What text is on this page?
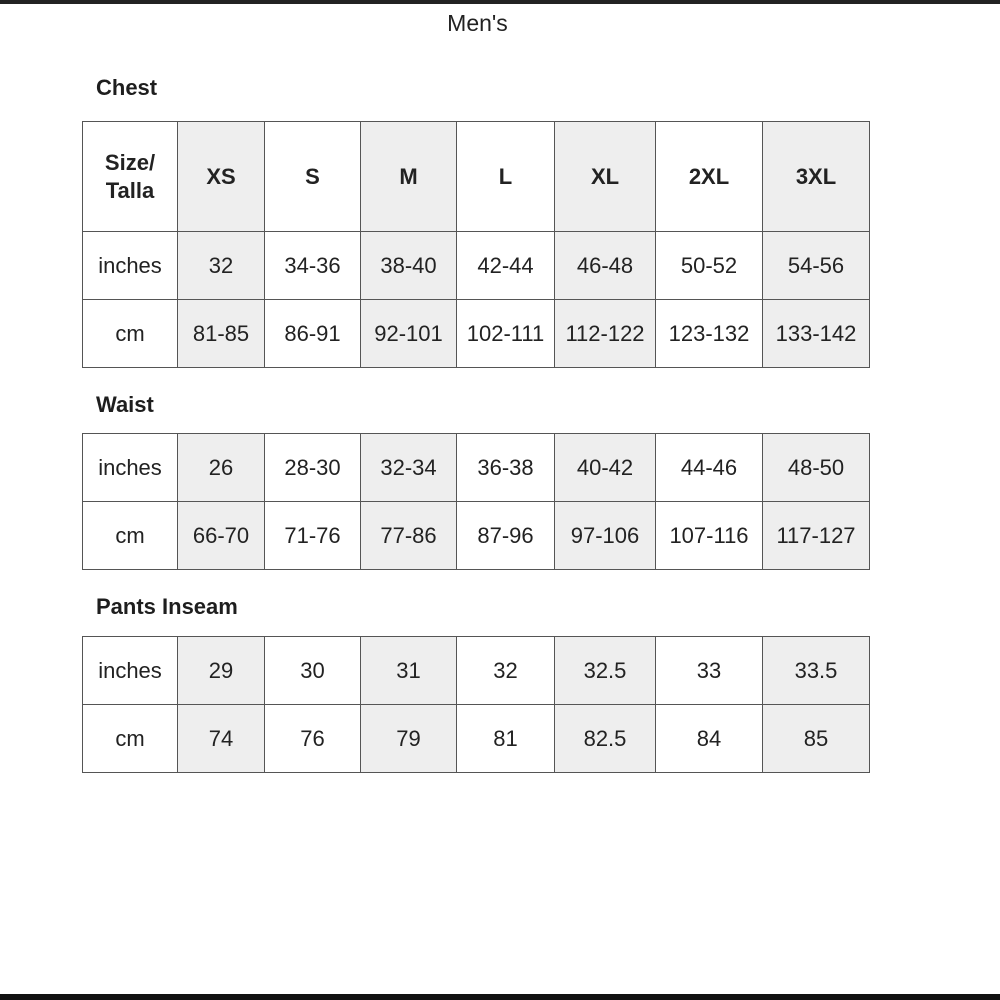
Men's
Chest
Size/
Talla	XS	S	M	L	XL	2XL	3XL
inches	32	34-36	38-40	42-44	46-48	50-52	54-56
cm	81-85	86-91	92-101	102-111	112-122	123-132	133-142
Waist
inches	26	28-30	32-34	36-38	40-42	44-46	48-50
cm	66-70	71-76	77-86	87-96	97-106	107-116	117-127
Pants Inseam
inches	29	30	31	32	32.5	33	33.5
cm	74	76	79	81	82.5	84	85
